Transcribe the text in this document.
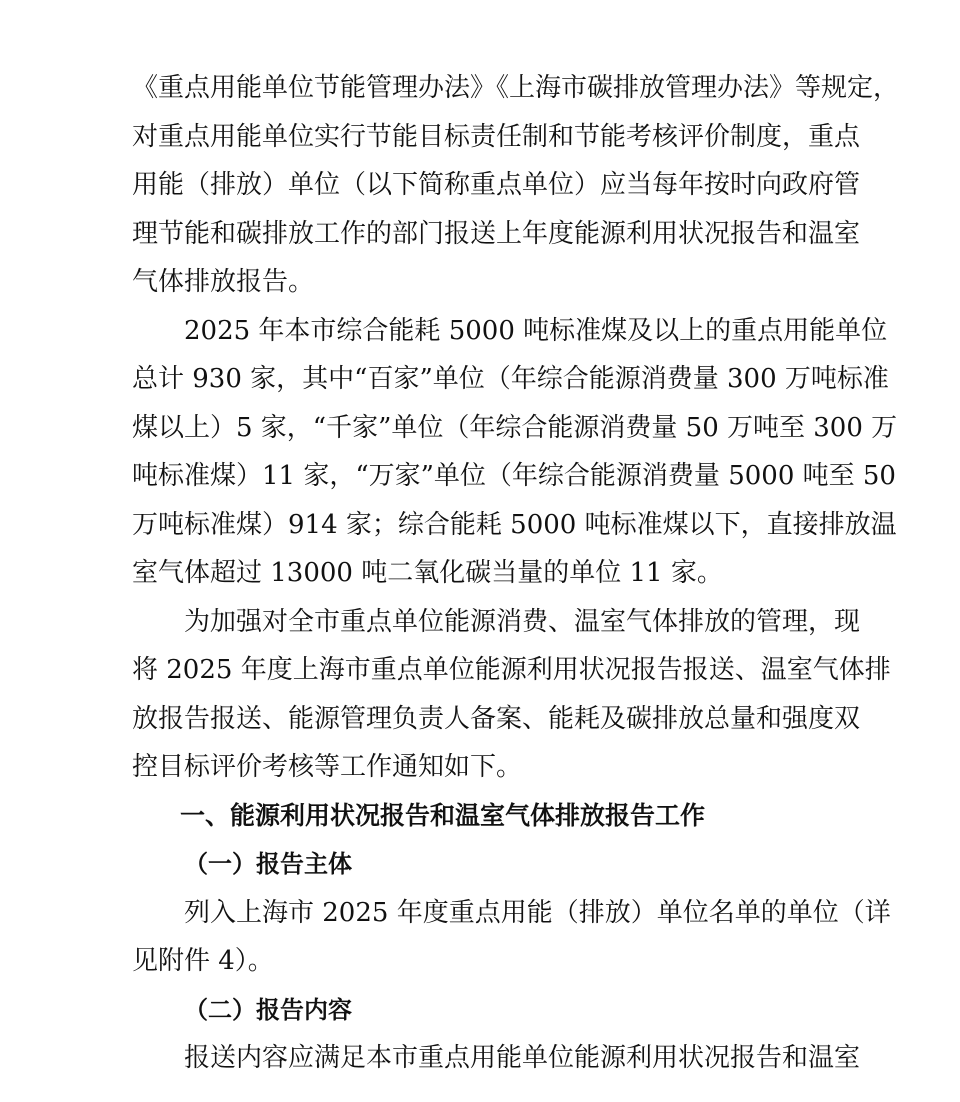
《重点用能单位节能管理办法》《上海市碳排放管理办法》等规定，
对重点用能单位实行节能目标责任制和节能考核评价制度，重点
用能（排放）单位（以下简称重点单位）应当每年按时向政府管
理节能和碳排放工作的部门报送上年度能源利用状况报告和温室
气体排放报告。

2025 年本市综合能耗 5000 吨标准煤及以上的重点用能单位
总计 930 家，其中“百家”单位（年综合能源消费量 300 万吨标准
煤以上）5 家，“千家”单位（年综合能源消费量 50 万吨至 300 万
吨标准煤）11 家，“万家”单位（年综合能源消费量 5000 吨至 50
万吨标准煤）914 家；综合能耗 5000 吨标准煤以下，直接排放温
室气体超过 13000 吨二氧化碳当量的单位 11 家。

为加强对全市重点单位能源消费、温室气体排放的管理，现
将 2025 年度上海市重点单位能源利用状况报告报送、温室气体排
放报告报送、能源管理负责人备案、能耗及碳排放总量和强度双
控目标评价考核等工作通知如下。

一、能源利用状况报告和温室气体排放报告工作

（一）报告主体

列入上海市 2025 年度重点用能（排放）单位名单的单位（详
见附件 4）。

（二）报告内容

报送内容应满足本市重点用能单位能源利用状况报告和温室
